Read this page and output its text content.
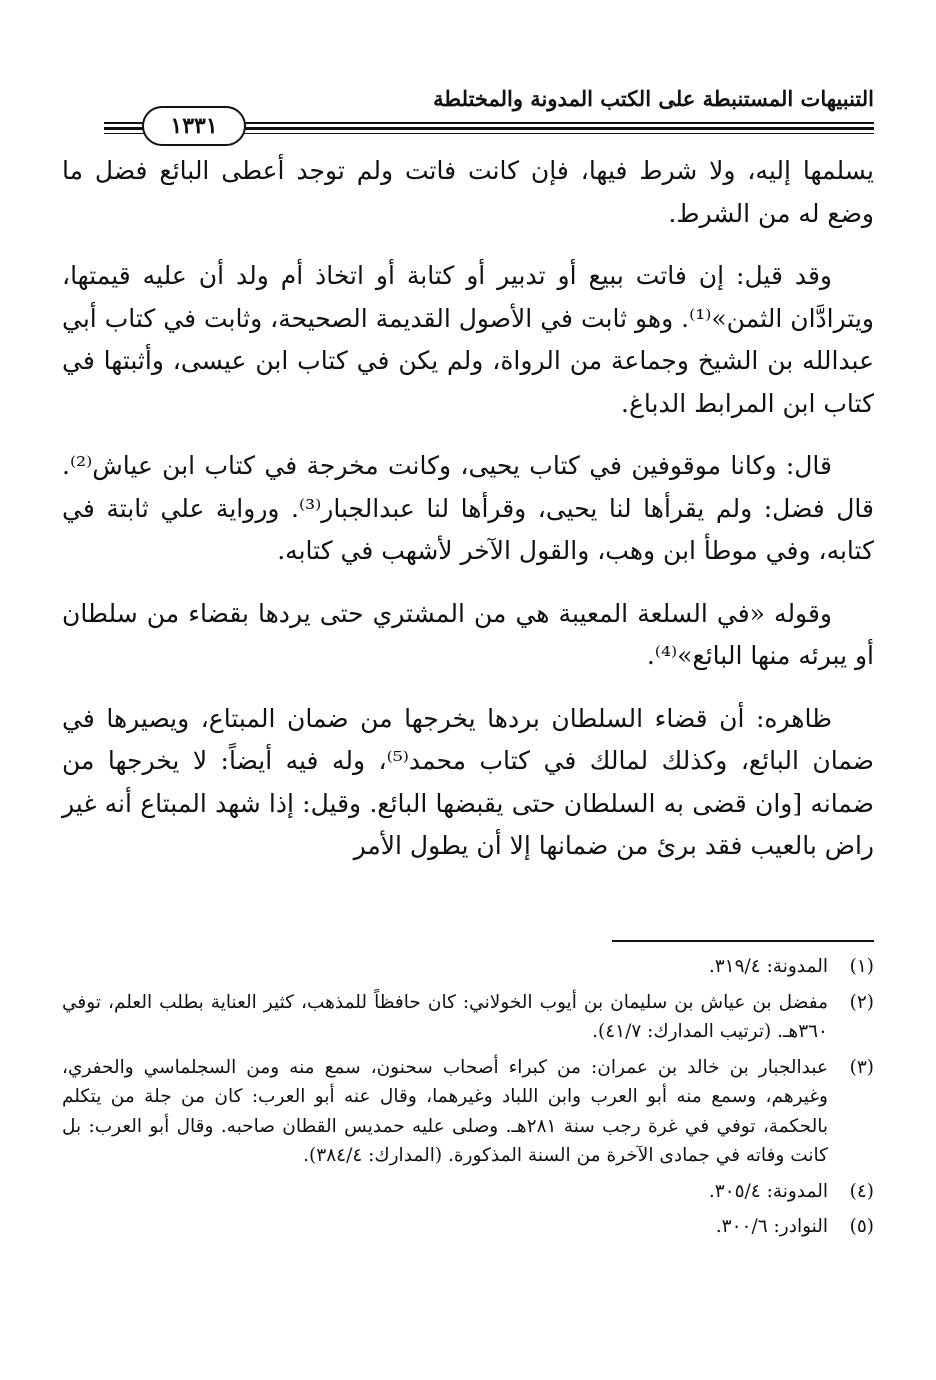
التنبيهات المستنبطة على الكتب المدونة والمختلطة
١٣٣١

يسلمها إليه، ولا شرط فيها، فإن كانت فاتت ولم توجد أعطى البائع فضل ما وضع له من الشرط.

وقد قيل: إن فاتت ببيع أو تدبير أو كتابة أو اتخاذ أم ولد أن عليه قيمتها، ويترادَّان الثمن»⁽¹⁾. وهو ثابت في الأصول القديمة الصحيحة، وثابت في كتاب أبي عبدالله بن الشيخ وجماعة من الرواة، ولم يكن في كتاب ابن عيسى، وأثبتها في كتاب ابن المرابط الدباغ.

قال: وكانا موقوفين في كتاب يحيى، وكانت مخرجة في كتاب ابن عياش⁽²⁾. قال فضل: ولم يقرأها لنا يحيى، وقرأها لنا عبدالجبار⁽³⁾. ورواية علي ثابتة في كتابه، وفي موطأ ابن وهب، والقول الآخر لأشهب في كتابه.

وقوله «في السلعة المعيبة هي من المشتري حتى يردها بقضاء من سلطان أو يبرئه منها البائع»⁽⁴⁾.

ظاهره: أن قضاء السلطان بردها يخرجها من ضمان المبتاع، ويصيرها في ضمان البائع، وكذلك لمالك في كتاب محمد⁽⁵⁾، وله فيه أيضاً: لا يخرجها من ضمانه [وان قضى به السلطان حتى يقبضها البائع. وقيل: إذا شهد المبتاع أنه غير راض بالعيب فقد برئ من ضمانها إلا أن يطول الأمر

(١)
المدونة: ٣١٩/٤.
(٢)
مفضل بن عياش بن سليمان بن أيوب الخولاني: كان حافظاً للمذهب، كثير العناية بطلب العلم، توفي ٣٦٠هـ. (ترتيب المدارك: ٤١/٧).
(٣)
عبدالجبار بن خالد بن عمران: من كبراء أصحاب سحنون، سمع منه ومن السجلماسي والحفري، وغيرهم، وسمع منه أبو العرب وابن اللباد وغيرهما، وقال عنه أبو العرب: كان من جلة من يتكلم بالحكمة، توفي في غرة رجب سنة ٢٨١هـ. وصلى عليه حمديس القطان صاحبه. وقال أبو العرب: بل كانت وفاته في جمادى الآخرة من السنة المذكورة. (المدارك: ٣٨٤/٤).
(٤)
المدونة: ٣٠٥/٤.
(٥)
النوادر: ٣٠٠/٦.
